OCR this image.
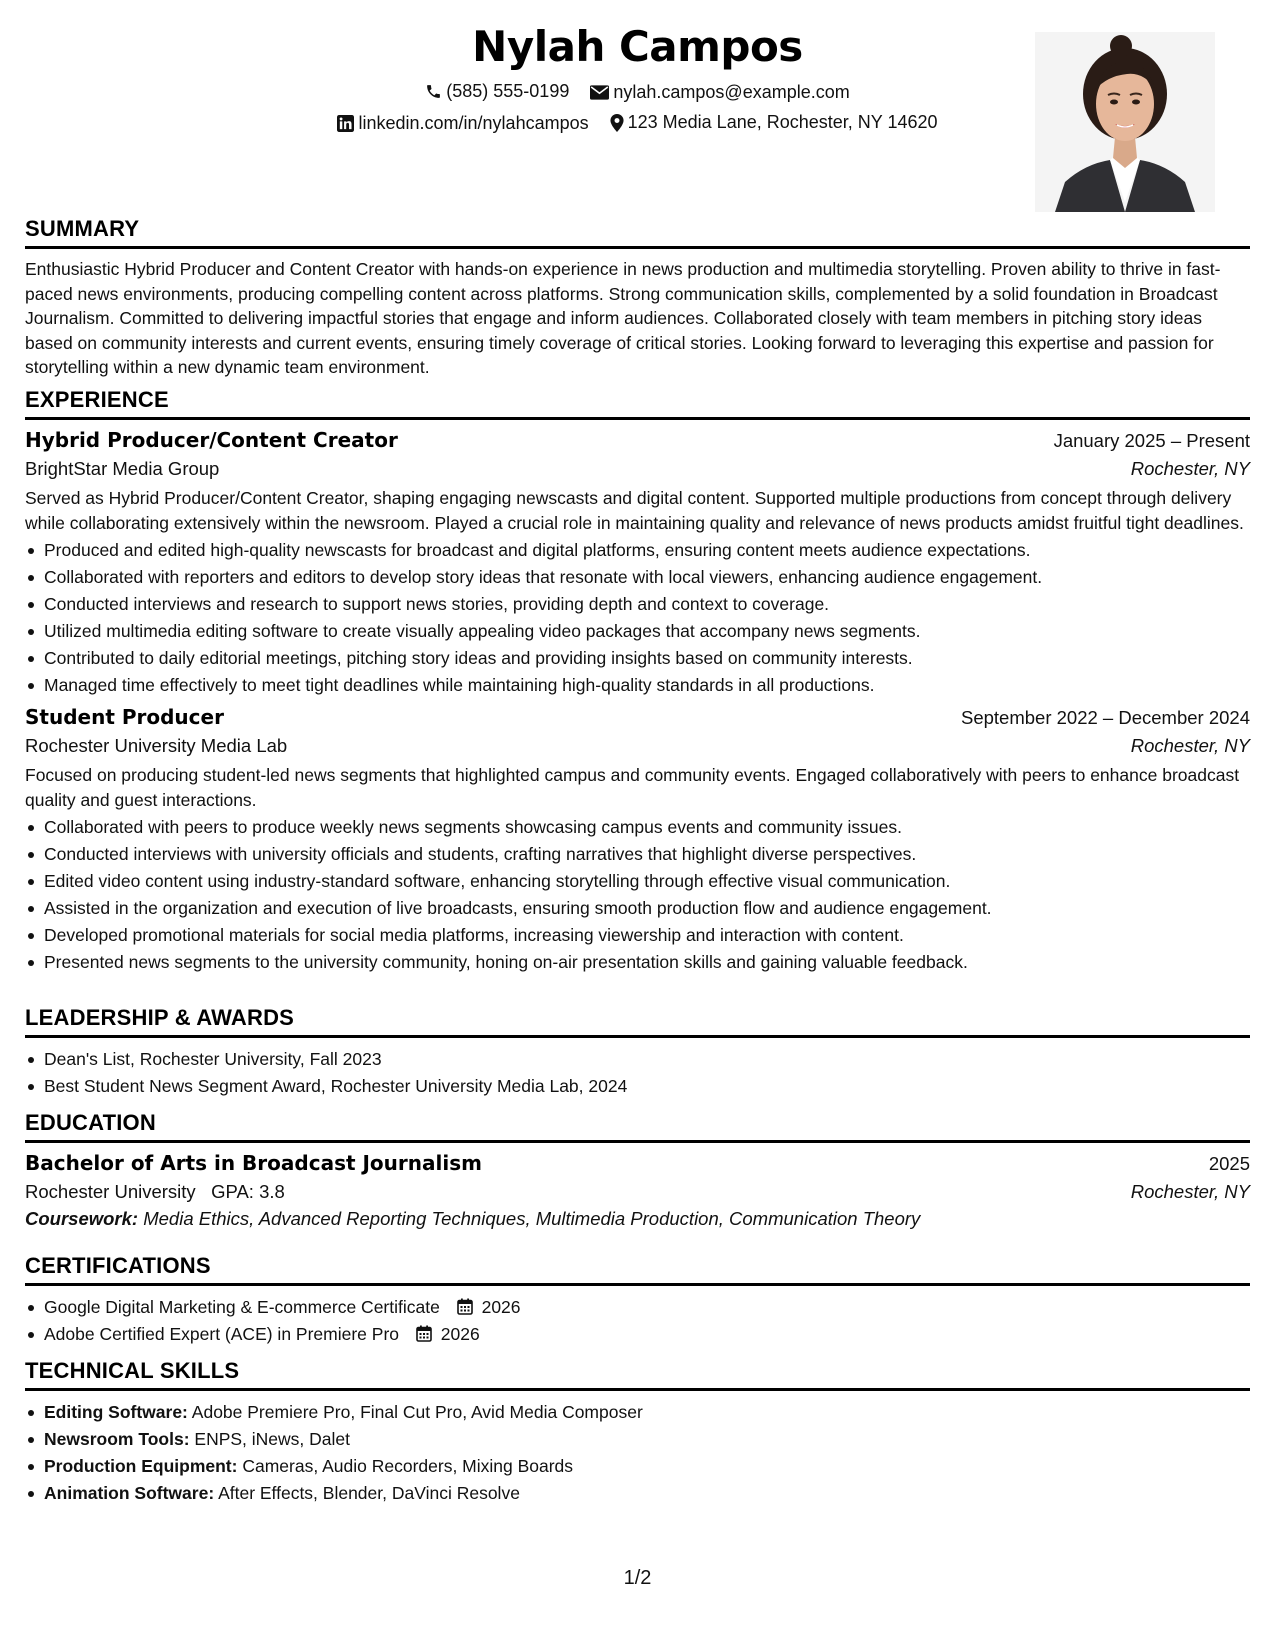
Nylah Campos
(585) 555-0199
nylah.campos@example.com
linkedin.com/in/nylahcampos
123 Media Lane, Rochester, NY 14620
SUMMARY
Enthusiastic Hybrid Producer and Content Creator with hands-on experience in news production and multimedia storytelling. Proven ability to thrive in fast-paced news environments, producing compelling content across platforms. Strong communication skills, complemented by a solid foundation in Broadcast Journalism. Committed to delivering impactful stories that engage and inform audiences. Collaborated closely with team members in pitching story ideas based on community interests and current events, ensuring timely coverage of critical stories. Looking forward to leveraging this expertise and passion for storytelling within a new dynamic team environment.
EXPERIENCE
Hybrid Producer/Content Creator	January 2025 – Present
BrightStar Media Group	Rochester, NY
Served as Hybrid Producer/Content Creator, shaping engaging newscasts and digital content. Supported multiple productions from concept through delivery while collaborating extensively within the newsroom. Played a crucial role in maintaining quality and relevance of news products amidst fruitful tight deadlines.
Produced and edited high-quality newscasts for broadcast and digital platforms, ensuring content meets audience expectations.
Collaborated with reporters and editors to develop story ideas that resonate with local viewers, enhancing audience engagement.
Conducted interviews and research to support news stories, providing depth and context to coverage.
Utilized multimedia editing software to create visually appealing video packages that accompany news segments.
Contributed to daily editorial meetings, pitching story ideas and providing insights based on community interests.
Managed time effectively to meet tight deadlines while maintaining high-quality standards in all productions.
Student Producer	September 2022 – December 2024
Rochester University Media Lab	Rochester, NY
Focused on producing student-led news segments that highlighted campus and community events. Engaged collaboratively with peers to enhance broadcast quality and guest interactions.
Collaborated with peers to produce weekly news segments showcasing campus events and community issues.
Conducted interviews with university officials and students, crafting narratives that highlight diverse perspectives.
Edited video content using industry-standard software, enhancing storytelling through effective visual communication.
Assisted in the organization and execution of live broadcasts, ensuring smooth production flow and audience engagement.
Developed promotional materials for social media platforms, increasing viewership and interaction with content.
Presented news segments to the university community, honing on-air presentation skills and gaining valuable feedback.
LEADERSHIP & AWARDS
Dean's List, Rochester University, Fall 2023
Best Student News Segment Award, Rochester University Media Lab, 2024
EDUCATION
Bachelor of Arts in Broadcast Journalism	2025
Rochester University GPA: 3.8	Rochester, NY
Coursework: Media Ethics, Advanced Reporting Techniques, Multimedia Production, Communication Theory
CERTIFICATIONS
Google Digital Marketing & E-commerce Certificate 2026
Adobe Certified Expert (ACE) in Premiere Pro 2026
TECHNICAL SKILLS
Editing Software: Adobe Premiere Pro, Final Cut Pro, Avid Media Composer
Newsroom Tools: ENPS, iNews, Dalet
Production Equipment: Cameras, Audio Recorders, Mixing Boards
Animation Software: After Effects, Blender, DaVinci Resolve
1/2
